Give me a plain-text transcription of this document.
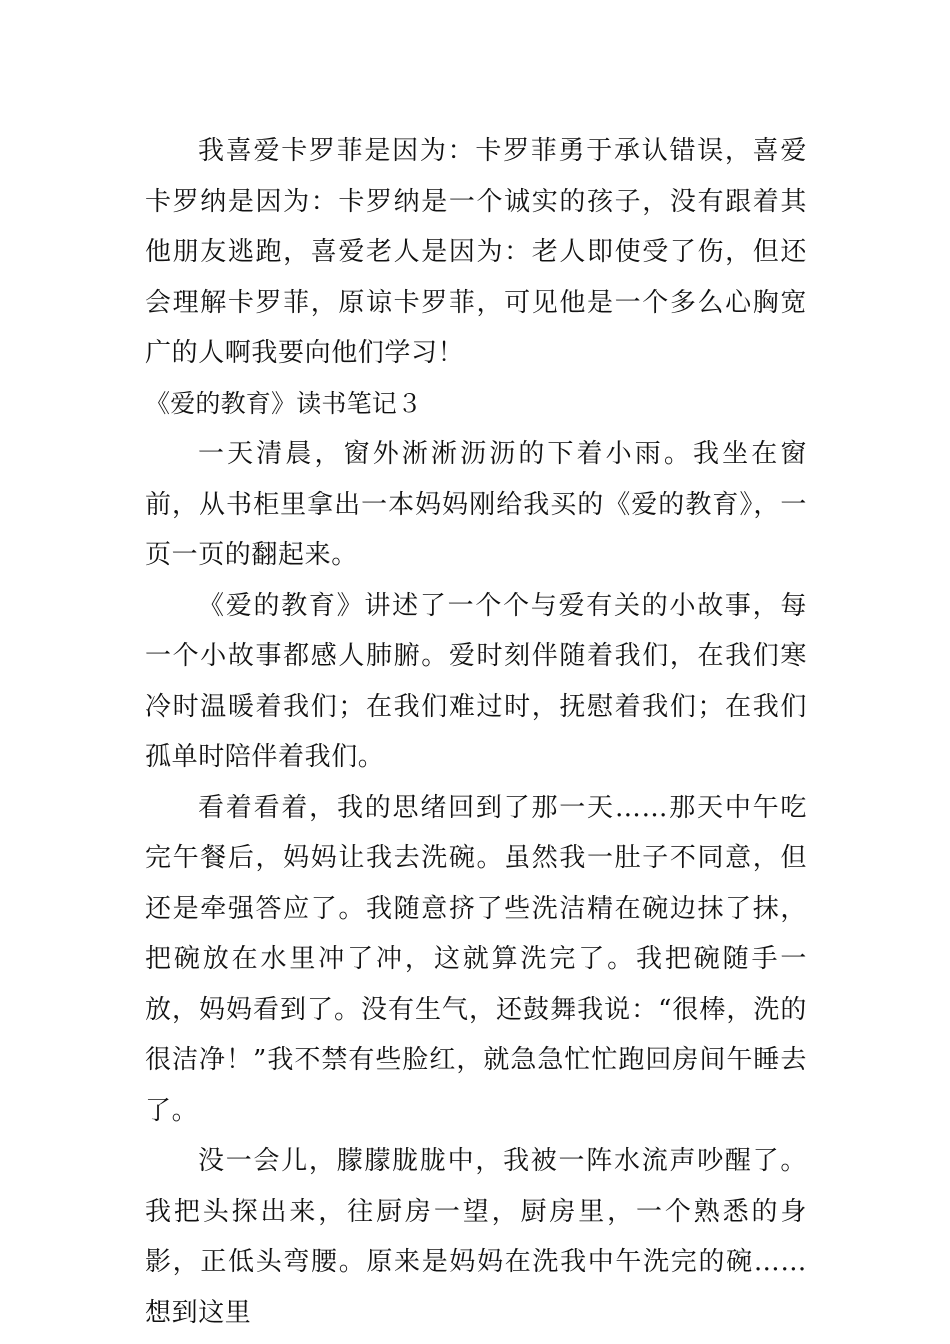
我喜爱卡罗菲是因为：卡罗菲勇于承认错误，喜爱卡罗纳是因为：卡罗纳是一个诚实的孩子，没有跟着其他朋友逃跑，喜爱老人是因为：老人即使受了伤，但还会理解卡罗菲，原谅卡罗菲，可见他是一个多么心胸宽广的人啊我要向他们学习！

《爱的教育》读书笔记３

一天清晨，窗外淅淅沥沥的下着小雨。我坐在窗前，从书柜里拿出一本妈妈刚给我买的《爱的教育》，一页一页的翻起来。

《爱的教育》讲述了一个个与爱有关的小故事，每一个小故事都感人肺腑。爱时刻伴随着我们，在我们寒冷时温暖着我们；在我们难过时，抚慰着我们；在我们孤单时陪伴着我们。

看着看着，我的思绪回到了那一天……那天中午吃完午餐后，妈妈让我去洗碗。虽然我一肚子不同意，但还是牵强答应了。我随意挤了些洗洁精在碗边抹了抹，把碗放在水里冲了冲，这就算洗完了。我把碗随手一放，妈妈看到了。没有生气，还鼓舞我说：“很棒，洗的很洁净！”我不禁有些脸红，就急急忙忙跑回房间午睡去了。

没一会儿，朦朦胧胧中，我被一阵水流声吵醒了。我把头探出来，往厨房一望，厨房里，一个熟悉的身影，正低头弯腰。原来是妈妈在洗我中午洗完的碗……想到这里
